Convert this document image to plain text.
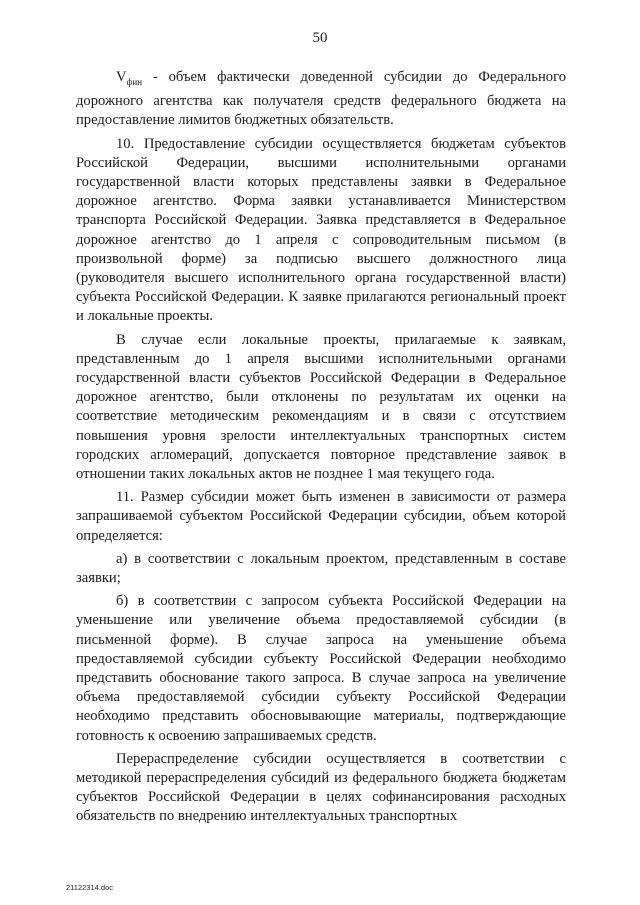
50

$V_{фин}$ - объем фактически доведенной субсидии до Федерального дорожного агентства как получателя средств федерального бюджета на предоставление лимитов бюджетных обязательств.

10. Предоставление субсидии осуществляется бюджетам субъектов Российской Федерации, высшими исполнительными органами государственной власти которых представлены заявки в Федеральное дорожное агентство. Форма заявки устанавливается Министерством транспорта Российской Федерации. Заявка представляется в Федеральное дорожное агентство до 1 апреля с сопроводительным письмом (в произвольной форме) за подписью высшего должностного лица (руководителя высшего исполнительного органа государственной власти) субъекта Российской Федерации. К заявке прилагаются региональный проект и локальные проекты.

В случае если локальные проекты, прилагаемые к заявкам, представленным до 1 апреля высшими исполнительными органами государственной власти субъектов Российской Федерации в Федеральное дорожное агентство, были отклонены по результатам их оценки на соответствие методическим рекомендациям и в связи с отсутствием повышения уровня зрелости интеллектуальных транспортных систем городских агломераций, допускается повторное представление заявок в отношении таких локальных актов не позднее 1 мая текущего года.

11. Размер субсидии может быть изменен в зависимости от размера запрашиваемой субъектом Российской Федерации субсидии, объем которой определяется:

а) в соответствии с локальным проектом, представленным в составе заявки;

б) в соответствии с запросом субъекта Российской Федерации на уменьшение или увеличение объема предоставляемой субсидии (в письменной форме). В случае запроса на уменьшение объема предоставляемой субсидии субъекту Российской Федерации необходимо представить обоснование такого запроса. В случае запроса на увеличение объема предоставляемой субсидии субъекту Российской Федерации необходимо представить обосновывающие материалы, подтверждающие готовность к освоению запрашиваемых средств.

Перераспределение субсидии осуществляется в соответствии с методикой перераспределения субсидий из федерального бюджета бюджетам субъектов Российской Федерации в целях софинансирования расходных обязательств по внедрению интеллектуальных транспортных

21122314.doc
